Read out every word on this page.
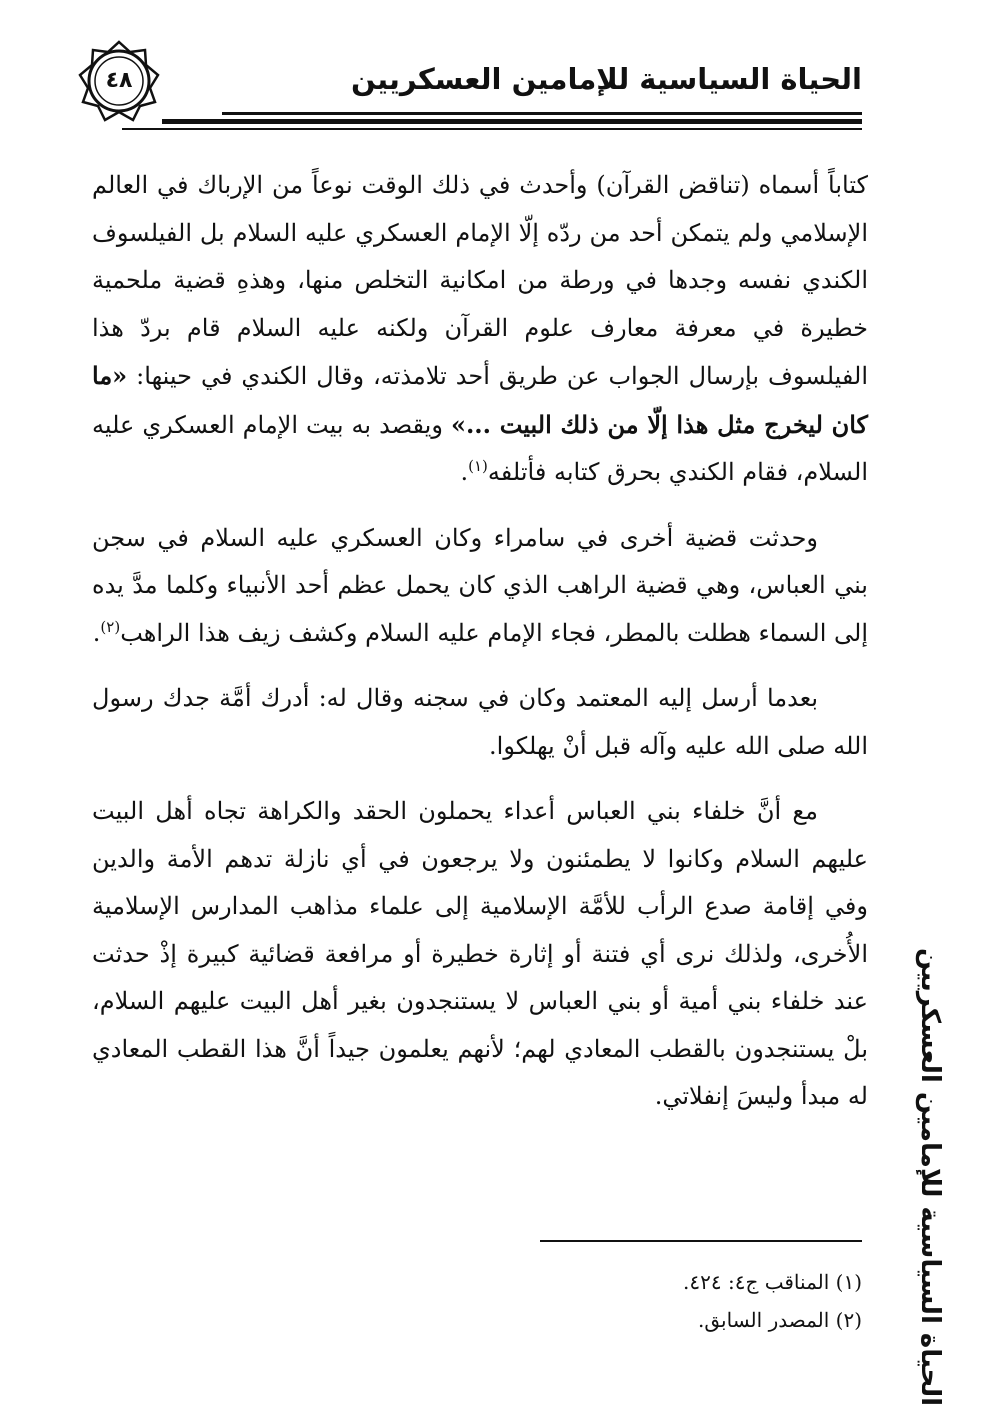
٤٨	الحياة السياسية للإمامين العسكريين

كتاباً أسماه (تناقض القرآن) وأحدث في ذلك الوقت نوعاً من الإرباك في العالم الإسلامي ولم يتمكن أحد من ردّه إلّا الإمام العسكري عليه السلام بل الفيلسوف الكندي نفسه وجدها في ورطة من امكانية التخلص منها، وهذهِ قضية ملحمية خطيرة في معرفة معارف علوم القرآن ولكنه عليه السلام قام بردّ هذا الفيلسوف بإرسال الجواب عن طريق أحد تلامذته، وقال الكندي في حينها: «ما كان ليخرج مثل هذا إلّا من ذلك البيت ...» ويقصد به بيت الإمام العسكري عليه السلام، فقام الكندي بحرق كتابه فأتلفه$^{(١)}$.

وحدثت قضية أخرى في سامراء وكان العسكري عليه السلام في سجن بني العباس، وهي قضية الراهب الذي كان يحمل عظم أحد الأنبياء وكلما مدَّ يده إلى السماء هطلت بالمطر، فجاء الإمام عليه السلام وكشف زيف هذا الراهب$^{(٢)}$.

بعدما أرسل إليه المعتمد وكان في سجنه وقال له: أدرك أمَّة جدك رسول الله صلى الله عليه وآله قبل أنْ يهلكوا.

مع أنَّ خلفاء بني العباس أعداء يحملون الحقد والكراهة تجاه أهل البيت عليهم السلام وكانوا لا يطمئنون ولا يرجعون في أي نازلة تدهم الأمة والدين وفي إقامة صدع الرأب للأمَّة الإسلامية إلى علماء مذاهب المدارس الإسلامية الأُخرى، ولذلك نرى أي فتنة أو إثارة خطيرة أو مرافعة قضائية كبيرة إذْ حدثت عند خلفاء بني أمية أو بني العباس لا يستنجدون بغير أهل البيت عليهم السلام، بلْ يستنجدون بالقطب المعادي لهم؛ لأنهم يعلمون جيداً أنَّ هذا القطب المعادي له مبدأ وليسَ إنفلاتي. الحياة السياسية للإمامين العسكريين
(١) المناقب ج٤: ٤٢٤.
(٢) المصدر السابق.
